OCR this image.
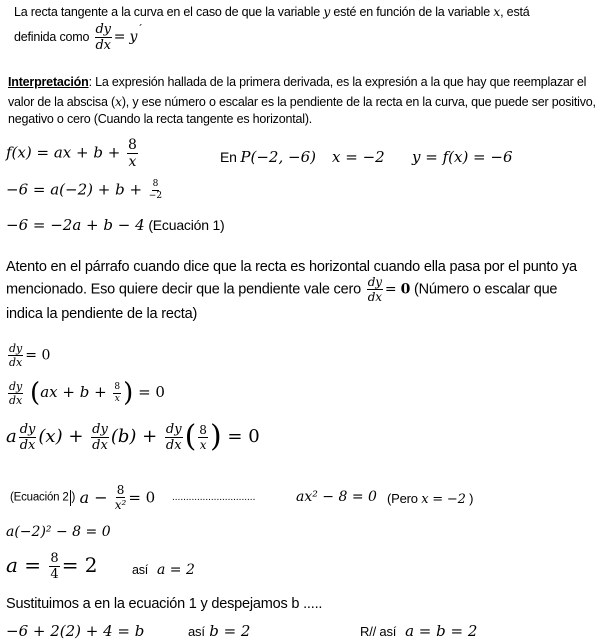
La recta tangente a la curva en el caso de que la variable y esté en función de la variable x, está
definida como $\frac{dy}{dx}$ = y´
Interpretación: La expresión hallada de la primera derivada, es la expresión a la que hay que reemplazar el
valor de la abscisa (x), y ese número o escalar es la pendiente de la recta en la curva, que puede ser positivo,
negativo o cero (Cuando la recta tangente es horizontal).
f(x) = ax + $b + \frac{8}{x}$	En P(−2, −6) x = −2 y = f(x) = −6
$-6 = a(-2) + b + \frac{8}{-2}$
−6 = −2a + b − 4 (Ecuación 1)
Atento en el párrafo cuando dice que la recta es horizontal cuando ella pasa por el punto ya
mencionado. Eso quiere decir que la pendiente vale cero $\frac{dy}{dx} = 0$ (Número o escalar que
indica la pendiente de la recta)
$\frac{dy}{dx} = 0$
$\frac{dy}{dx} (ax + b + \frac{8}{x}$ ) = 0
a $\frac{dy}{dx} (x) + \frac{dy}{dx} (b) + \frac{dy}{dx}$ ( $\frac{8}{x}$ ) = 0
(Ecuación 2 ) $a - \frac{8}{\text{x²}} = 0$ ..............................	ax² − 8 = 0 (Pero x = −2 )
a(−2)² − 8 = 0
$a = \frac{8}{4} = 2$	así a = 2
Sustituimos a en la ecuación 1 y despejamos b .....
−6 + 2(2) + 4 = b	así b = 2	R// así a = b = 2
